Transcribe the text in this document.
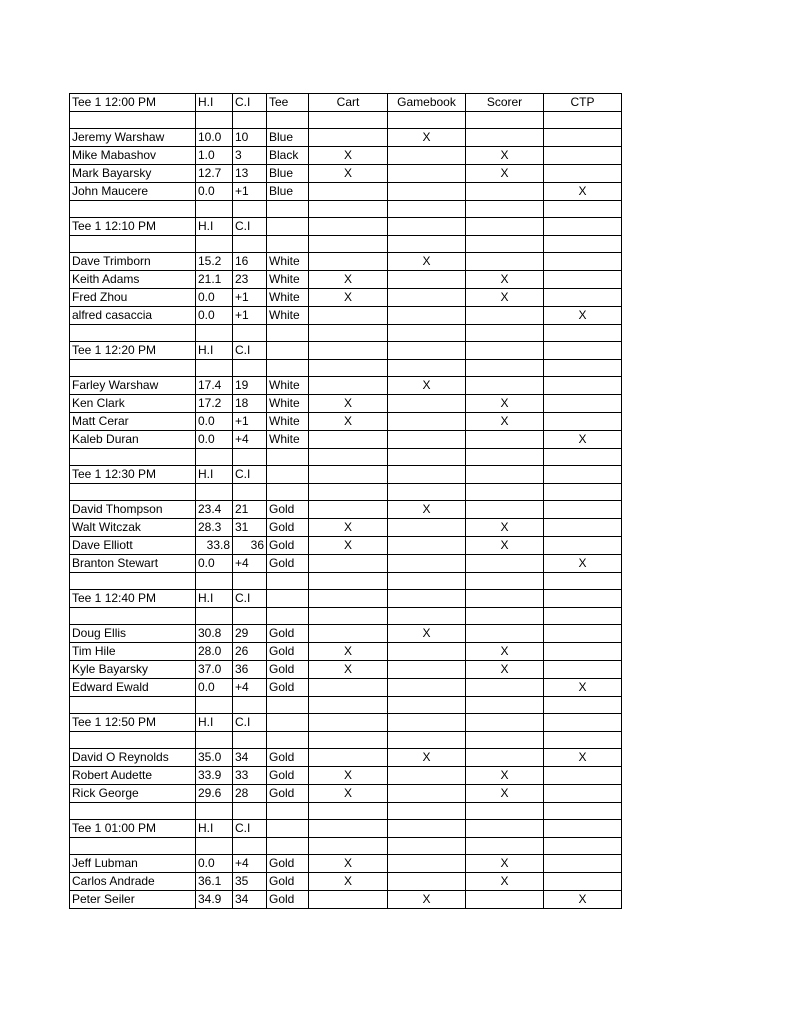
Tee 1 12:00 PM	H.I	C.I	Tee	Cart	Gamebook	Scorer	CTP

Jeremy Warshaw	10.0	10	Blue		X		
Mike Mabashov	1.0	3	Black	X		X	
Mark Bayarsky	12.7	13	Blue	X		X	
John Maucere	0.0	+1	Blue				X

Tee 1 12:10 PM	H.I	C.I					

Dave Trimborn	15.2	16	White		X		
Keith Adams	21.1	23	White	X		X	
Fred Zhou	0.0	+1	White	X		X	
alfred casaccia	0.0	+1	White				X

Tee 1 12:20 PM	H.I	C.I					

Farley Warshaw	17.4	19	White		X		
Ken Clark	17.2	18	White	X		X	
Matt Cerar	0.0	+1	White	X		X	
Kaleb Duran	0.0	+4	White				X

Tee 1 12:30 PM	H.I	C.I					

David Thompson	23.4	21	Gold		X		
Walt Witczak	28.3	31	Gold	X		X	
Dave Elliott	33.8	36	Gold	X		X	
Branton Stewart	0.0	+4	Gold				X

Tee 1 12:40 PM	H.I	C.I					

Doug Ellis	30.8	29	Gold		X		
Tim Hile	28.0	26	Gold	X		X	
Kyle Bayarsky	37.0	36	Gold	X		X	
Edward Ewald	0.0	+4	Gold				X

Tee 1 12:50 PM	H.I	C.I					

David O Reynolds	35.0	34	Gold		X		X
Robert Audette	33.9	33	Gold	X		X	
Rick George	29.6	28	Gold	X		X	

Tee 1 01:00 PM	H.I	C.I					

Jeff Lubman	0.0	+4	Gold	X		X	
Carlos Andrade	36.1	35	Gold	X		X	
Peter Seiler	34.9	34	Gold		X		X
